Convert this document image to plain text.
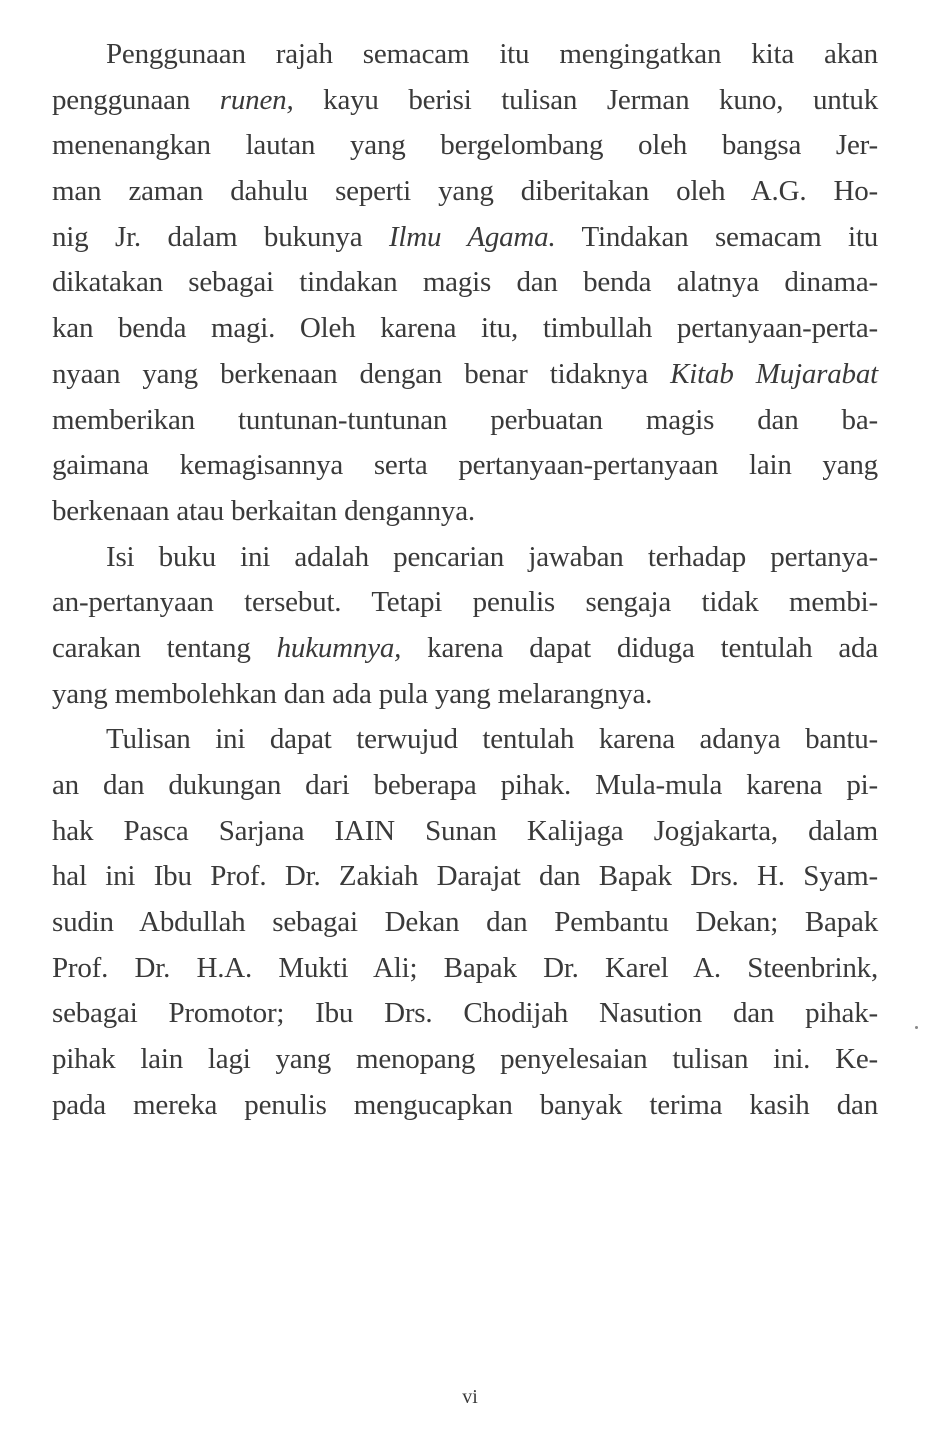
Penggunaan rajah semacam itu mengingatkan kita akan
penggunaan runen, kayu berisi tulisan Jerman kuno, untuk
menenangkan lautan yang bergelombang oleh bangsa Jer-
man zaman dahulu seperti yang diberitakan oleh A.G. Ho-
nig Jr. dalam bukunya Ilmu Agama. Tindakan semacam itu
dikatakan sebagai tindakan magis dan benda alatnya dinama-
kan benda magi. Oleh karena itu, timbullah pertanyaan-perta-
nyaan yang berkenaan dengan benar tidaknya Kitab Mujarabat
memberikan tuntunan-tuntunan perbuatan magis dan ba-
gaimana kemagisannya serta pertanyaan-pertanyaan lain yang
berkenaan atau berkaitan dengannya.
Isi buku ini adalah pencarian jawaban terhadap pertanya-
an-pertanyaan tersebut. Tetapi penulis sengaja tidak membi-
carakan tentang hukumnya, karena dapat diduga tentulah ada
yang membolehkan dan ada pula yang melarangnya.
Tulisan ini dapat terwujud tentulah karena adanya bantu-
an dan dukungan dari beberapa pihak. Mula-mula karena pi-
hak Pasca Sarjana IAIN Sunan Kalijaga Jogjakarta, dalam
hal ini Ibu Prof. Dr. Zakiah Darajat dan Bapak Drs. H. Syam-
sudin Abdullah sebagai Dekan dan Pembantu Dekan; Bapak
Prof. Dr. H.A. Mukti Ali; Bapak Dr. Karel A. Steenbrink,
sebagai Promotor; Ibu Drs. Chodijah Nasution dan pihak-
pihak lain lagi yang menopang penyelesaian tulisan ini. Ke-
pada mereka penulis mengucapkan banyak terima kasih dan
vi
